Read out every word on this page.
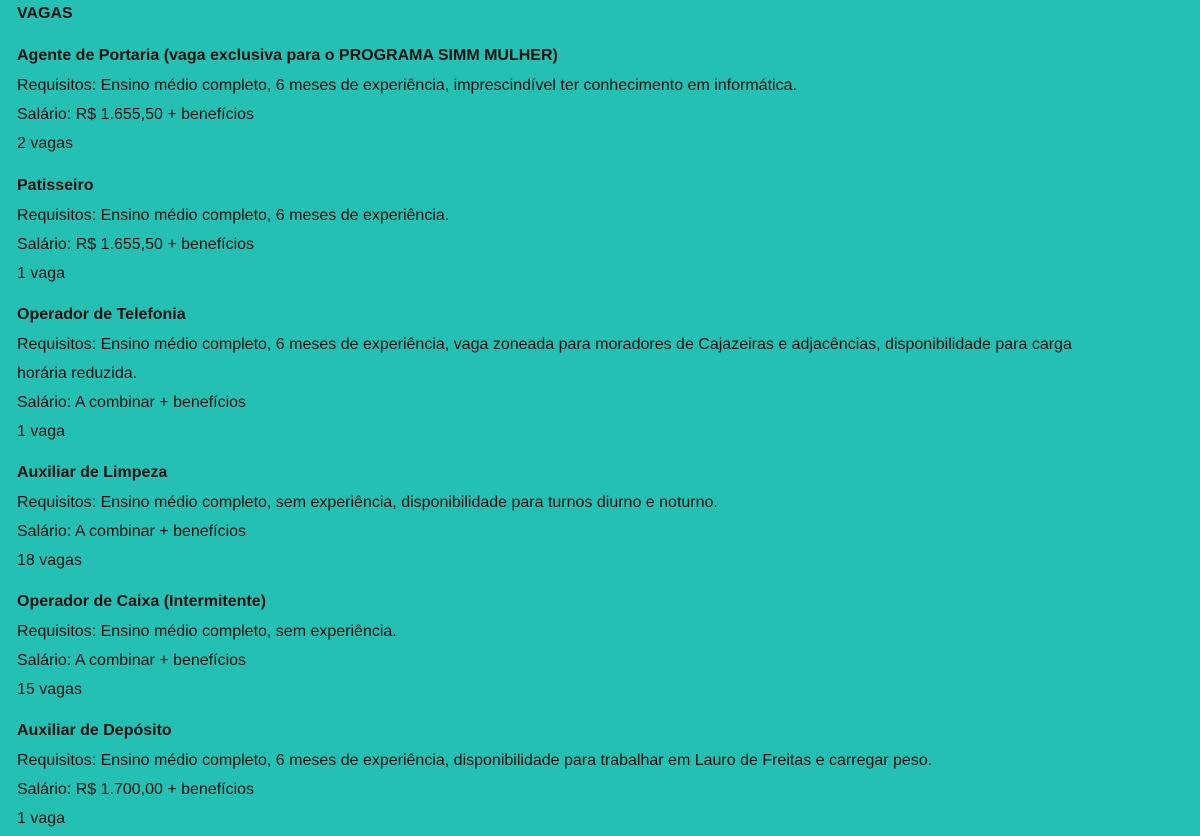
VAGAS

Agente de Portaria (vaga exclusiva para o PROGRAMA SIMM MULHER)

Requisitos: Ensino médio completo, 6 meses de experiência, imprescindível ter conhecimento em informática.

Salário: R$ 1.655,50 + benefícios

2 vagas

Patisseiro

Requisitos: Ensino médio completo, 6 meses de experiência.

Salário: R$ 1.655,50 + benefícios

1 vaga

Operador de Telefonia

Requisitos: Ensino médio completo, 6 meses de experiência, vaga zoneada para moradores de Cajazeiras e adjacências, disponibilidade para carga horária reduzida.

Salário: A combinar + benefícios

1 vaga

Auxiliar de Limpeza

Requisitos: Ensino médio completo, sem experiência, disponibilidade para turnos diurno e noturno.

Salário: A combinar + benefícios

18 vagas

Operador de Caixa (Intermitente)

Requisitos: Ensino médio completo, sem experiência.

Salário: A combinar + benefícios

15 vagas

Auxiliar de Depósito

Requisitos: Ensino médio completo, 6 meses de experiência, disponibilidade para trabalhar em Lauro de Freitas e carregar peso.

Salário: R$ 1.700,00 + benefícios

1 vaga
